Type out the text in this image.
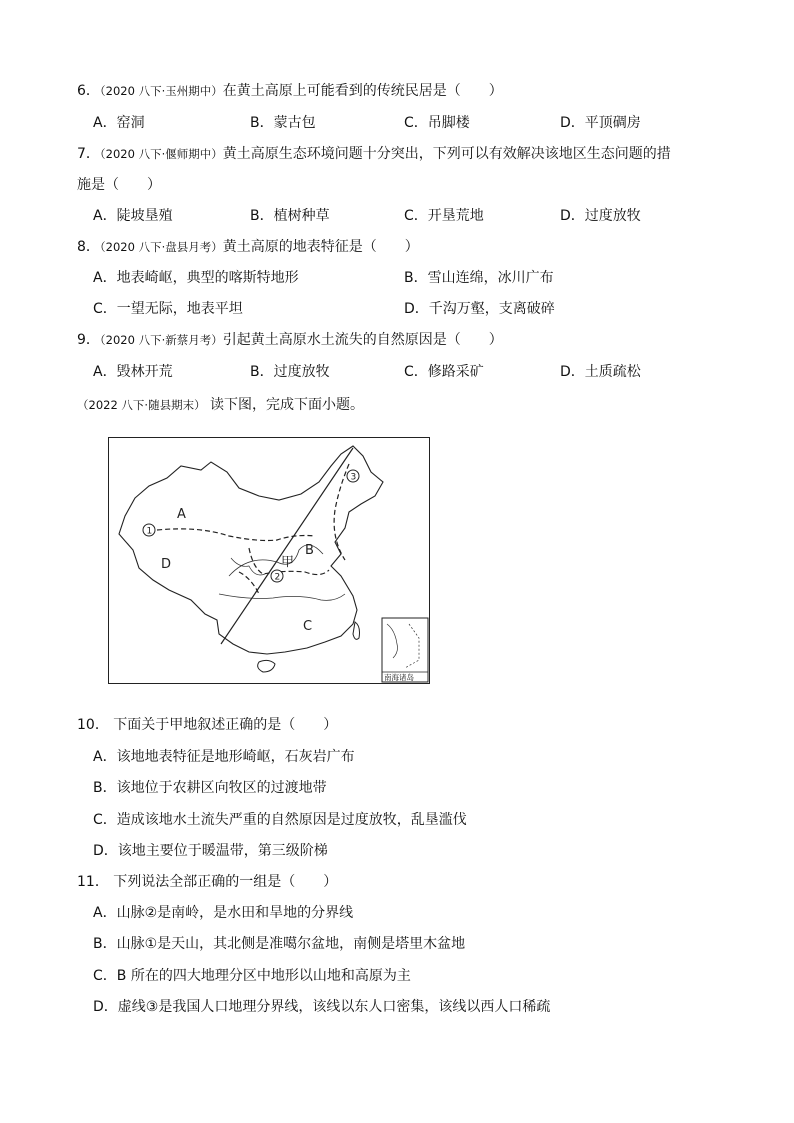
6．（2020 八下·玉州期中）在黄土高原上可能看到的传统民居是（　　）
A．窑洞	B．蒙古包	C．吊脚楼	D．平顶碉房
7．（2020 八下·偃师期中）黄土高原生态环境问题十分突出，下列可以有效解决该地区生态问题的措
施是（　　）
A．陡坡垦殖	B．植树种草	C．开垦荒地	D．过度放牧
8．（2020 八下·盘县月考）黄土高原的地表特征是（　　）
A．地表崎岖，典型的喀斯特地形	B．雪山连绵，冰川广布
C．一望无际，地表平坦	D．千沟万壑，支离破碎
9．（2020 八下·新蔡月考）引起黄土高原水土流失的自然原因是（　　）
A．毁林开荒	B．过度放牧	C．修路采矿	D．土质疏松
（2022 八下·随县期末） 读下图，完成下面小题。
A
B
C
D	甲
1
2
3
南海诸岛
10． 下面关于甲地叙述正确的是（　　）
A．该地地表特征是地形崎岖，石灰岩广布
B．该地位于农耕区向牧区的过渡地带
C．造成该地水土流失严重的自然原因是过度放牧，乱垦滥伐
D．该地主要位于暖温带，第三级阶梯
11． 下列说法全部正确的一组是（　　）
A．山脉②是南岭，是水田和旱地的分界线
B．山脉①是天山，其北侧是准噶尔盆地，南侧是塔里木盆地
C．B 所在的四大地理分区中地形以山地和高原为主
D．虚线③是我国人口地理分界线，该线以东人口密集，该线以西人口稀疏
